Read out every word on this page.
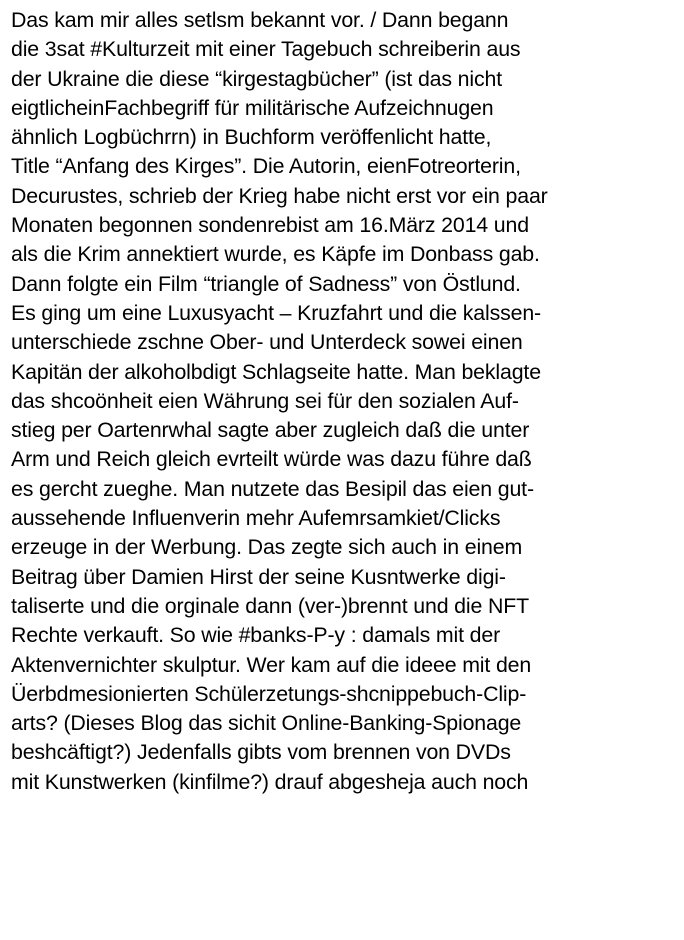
Das kam mir alles setlsm bekannt vor. / Dann begann
die 3sat #Kulturzeit mit einer Tagebuch schreiberin aus
der Ukraine die diese “kirgestagbücher” (ist das nicht
eigtlicheinFachbegriff für militärische Aufzeichnugen
ähnlich Logbüchrrn) in Buchform veröffenlicht hatte,
Title “Anfang des Kirges”. Die Autorin, eienFotreorterin,
Decurustes, schrieb der Krieg habe nicht erst vor ein paar
Monaten begonnen sondenrebist am 16.März 2014 und
als die Krim annektiert wurde, es Käpfe im Donbass gab.
Dann folgte ein Film “triangle of Sadness” von Östlund.
Es ging um eine Luxusyacht – Kruzfahrt und die kalssen-
unterschiede zschne Ober- und Unterdeck sowei einen
Kapitän der alkoholbdigt Schlagseite hatte. Man beklagte
das shcoönheit eien Währung sei für den sozialen Auf-
stieg per Oartenrwhal sagte aber zugleich daß die unter
Arm und Reich gleich evrteilt würde was dazu führe daß
es gercht zueghe. Man nutzete das Besipil das eien gut-
aussehende Influenverin mehr Aufemrsamkiet/Clicks
erzeuge in der Werbung. Das zegte sich auch in einem
Beitrag über Damien Hirst der seine Kusntwerke digi-
taliserte und die orginale dann (ver-)brennt und die NFT
Rechte verkauft. So wie #banks-P-y : damals mit der
Aktenvernichter skulptur. Wer kam auf die ideee mit den
Üerbdmesionierten Schülerzetungs-shcnippebuch-Clip-
arts? (Dieses Blog das sichit Online-Banking-Spionage
beshcäftigt?) Jedenfalls gibts vom brennen von DVDs
mit Kunstwerken (kinfilme?) drauf abgesheja auch noch
